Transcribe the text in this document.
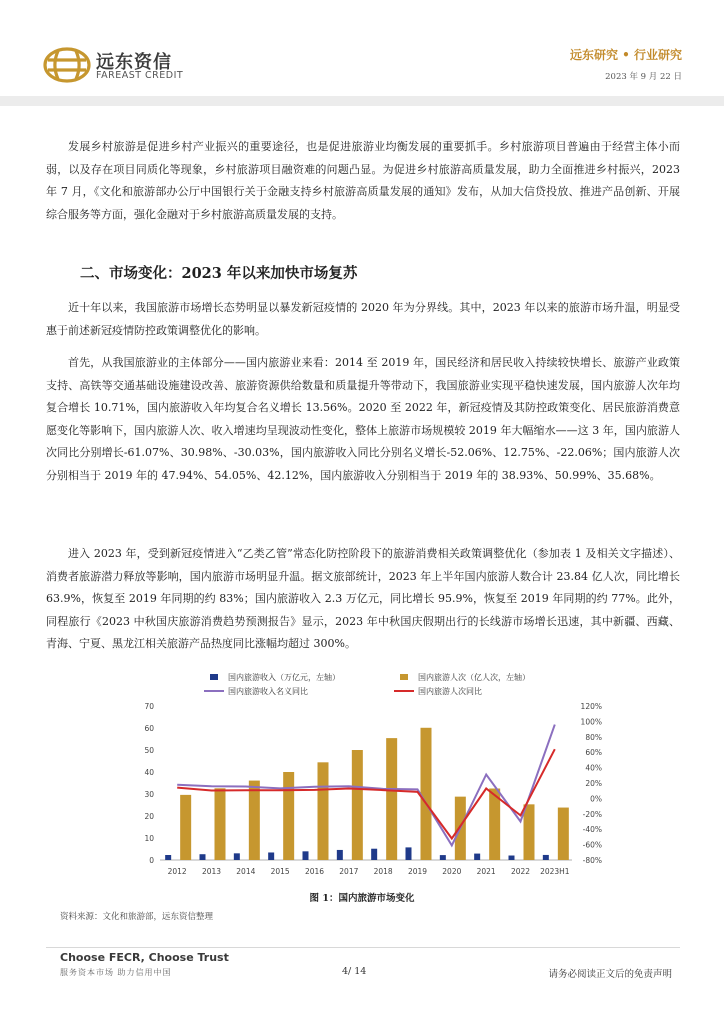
远东资信
FAREAST CREDIT
远东研究 • 行业研究
2023 年 9 月 22 日

发展乡村旅游是促进乡村产业振兴的重要途径，也是促进旅游业均衡发展的重要抓手。乡村旅游项目普遍由于经营主体小而弱，以及存在项目同质化等现象，乡村旅游项目融资难的问题凸显。为促进乡村旅游高质量发展，助力全面推进乡村振兴，2023 年 7 月，《文化和旅游部办公厅中国银行关于金融支持乡村旅游高质量发展的通知》发布，从加大信贷投放、推进产品创新、开展综合服务等方面，强化金融对于乡村旅游高质量发展的支持。

二、市场变化：2023 年以来加快市场复苏

近十年以来，我国旅游市场增长态势明显以暴发新冠疫情的 2020 年为分界线。其中，2023 年以来的旅游市场升温，明显受惠于前述新冠疫情防控政策调整优化的影响。

首先，从我国旅游业的主体部分——国内旅游业来看：2014 至 2019 年，国民经济和居民收入持续较快增长、旅游产业政策支持、高铁等交通基础设施建设改善、旅游资源供给数量和质量提升等带动下，我国旅游业实现平稳快速发展，国内旅游人次年均复合增长 10.71%，国内旅游收入年均复合名义增长 13.56%。2020 至 2022 年，新冠疫情及其防控政策变化、居民旅游消费意愿变化等影响下，国内旅游人次、收入增速均呈现波动性变化，整体上旅游市场规模较 2019 年大幅缩水——这 3 年，国内旅游人次同比分别增长-61.07%、30.98%、-30.03%，国内旅游收入同比分别名义增长-52.06%、12.75%、-22.06%；国内旅游人次分别相当于 2019 年的 47.94%、54.05%、42.12%，国内旅游收入分别相当于 2019 年的 38.93%、50.99%、35.68%。

进入 2023 年，受到新冠疫情进入“乙类乙管”常态化防控阶段下的旅游消费相关政策调整优化（参加表 1 及相关文字描述）、消费者旅游潜力释放等影响，国内旅游市场明显升温。据文旅部统计，2023 年上半年国内旅游人数合计 23.84 亿人次，同比增长 63.9%，恢复至 2019 年同期的约 83%；国内旅游收入 2.3 万亿元，同比增长 95.9%，恢复至 2019 年同期的约 77%。此外，同程旅行《2023 中秋国庆旅游消费趋势预测报告》显示，2023 年中秋国庆假期出行的长线游市场增长迅速，其中新疆、西藏、青海、宁夏、黑龙江相关旅游产品热度同比涨幅均超过 300%。

国内旅游收入（万亿元，左轴）	国内旅游人次（亿人次，左轴）
国内旅游收入名义同比	国内旅游人次同比
0
10
20
30
40
50
60
70
-80%
-60%
-40%
-20%
0%
20%
40%
60%
80%
100%
120%
2012 2013 2014 2015 2016 2017 2018 2019 2020 2021 2022 2023H1
图 1：国内旅游市场变化
资料来源：文化和旅游部，远东资信整理
Choose FECR, Choose Trust
服务资本市场 助力信用中国	4/ 14	请务必阅读正文后的免责声明
